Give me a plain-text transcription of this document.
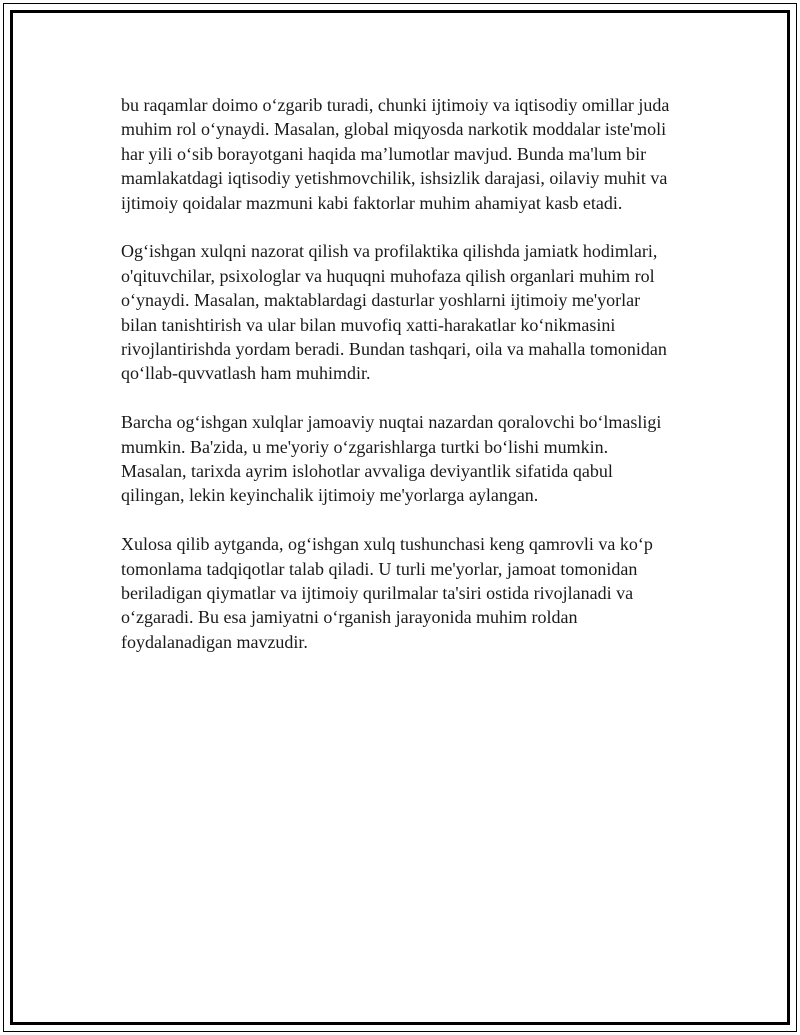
bu raqamlar doimo o‘zgarib turadi, chunki ijtimoiy va iqtisodiy omillar juda
muhim rol o‘ynaydi. Masalan, global miqyosda narkotik moddalar iste'moli
har yili o‘sib borayotgani haqida ma’lumotlar mavjud. Bunda ma'lum bir
mamlakatdagi iqtisodiy yetishmovchilik, ishsizlik darajasi, oilaviy muhit va
ijtimoiy qoidalar mazmuni kabi faktorlar muhim ahamiyat kasb etadi.

Og‘ishgan xulqni nazorat qilish va profilaktika qilishda jamiatk hodimlari,
o'qituvchilar, psixologlar va huquqni muhofaza qilish organlari muhim rol
o‘ynaydi. Masalan, maktablardagi dasturlar yoshlarni ijtimoiy me'yorlar
bilan tanishtirish va ular bilan muvofiq xatti-harakatlar ko‘nikmasini
rivojlantirishda yordam beradi. Bundan tashqari, oila va mahalla tomonidan
qo‘llab-quvvatlash ham muhimdir.

Barcha og‘ishgan xulqlar jamoaviy nuqtai nazardan qoralovchi bo‘lmasligi
mumkin. Ba'zida, u me'yoriy o‘zgarishlarga turtki bo‘lishi mumkin.
Masalan, tarixda ayrim islohotlar avvaliga deviyantlik sifatida qabul
qilingan, lekin keyinchalik ijtimoiy me'yorlarga aylangan.

Xulosa qilib aytganda, og‘ishgan xulq tushunchasi keng qamrovli va ko‘p
tomonlama tadqiqotlar talab qiladi. U turli me'yorlar, jamoat tomonidan
beriladigan qiymatlar va ijtimoiy qurilmalar ta'siri ostida rivojlanadi va
o‘zgaradi. Bu esa jamiyatni o‘rganish jarayonida muhim roldan
foydalanadigan mavzudir.
